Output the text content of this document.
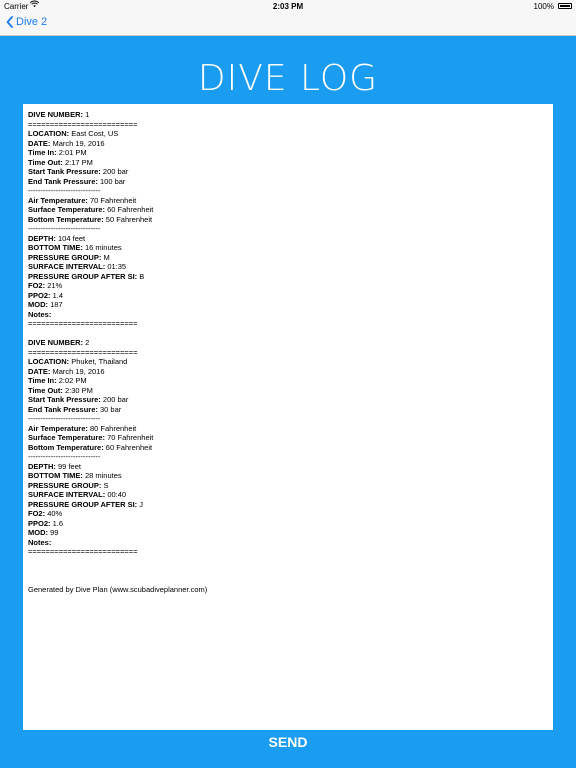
Carrier	2:03 PM	100%
Dive 2
DIVE LOG
DIVE NUMBER: 1
=========================
LOCATION: East Cost, US
DATE: March 19, 2016
Time In: 2:01 PM
Time Out: 2:17 PM
Start Tank Pressure: 200 bar
End Tank Pressure: 100 bar
-----------------------------
Air Temperature: 70 Fahrenheit
Surface Temperature: 60 Fahrenheit
Bottom Temperature: 50 Fahrenheit
-----------------------------
DEPTH: 104 feet
BOTTOM TIME: 16 minutes
PRESSURE GROUP: M
SURFACE INTERVAL: 01:35
PRESSURE GROUP AFTER SI: B
FO2: 21%
PPO2: 1.4
MOD: 187
Notes:
=========================
DIVE NUMBER: 2
=========================
LOCATION: Phuket, Thailand
DATE: March 19, 2016
Time In: 2:02 PM
Time Out: 2:30 PM
Start Tank Pressure: 200 bar
End Tank Pressure: 30 bar
-----------------------------
Air Temperature: 80 Fahrenheit
Surface Temperature: 70 Fahrenheit
Bottom Temperature: 60 Fahrenheit
-----------------------------
DEPTH: 99 feet
BOTTOM TIME: 28 minutes
PRESSURE GROUP: S
SURFACE INTERVAL: 00:40
PRESSURE GROUP AFTER SI: J
FO2: 40%
PPO2: 1.6
MOD: 99
Notes:
=========================
Generated by Dive Plan (www.scubadiveplanner.com)
SEND
